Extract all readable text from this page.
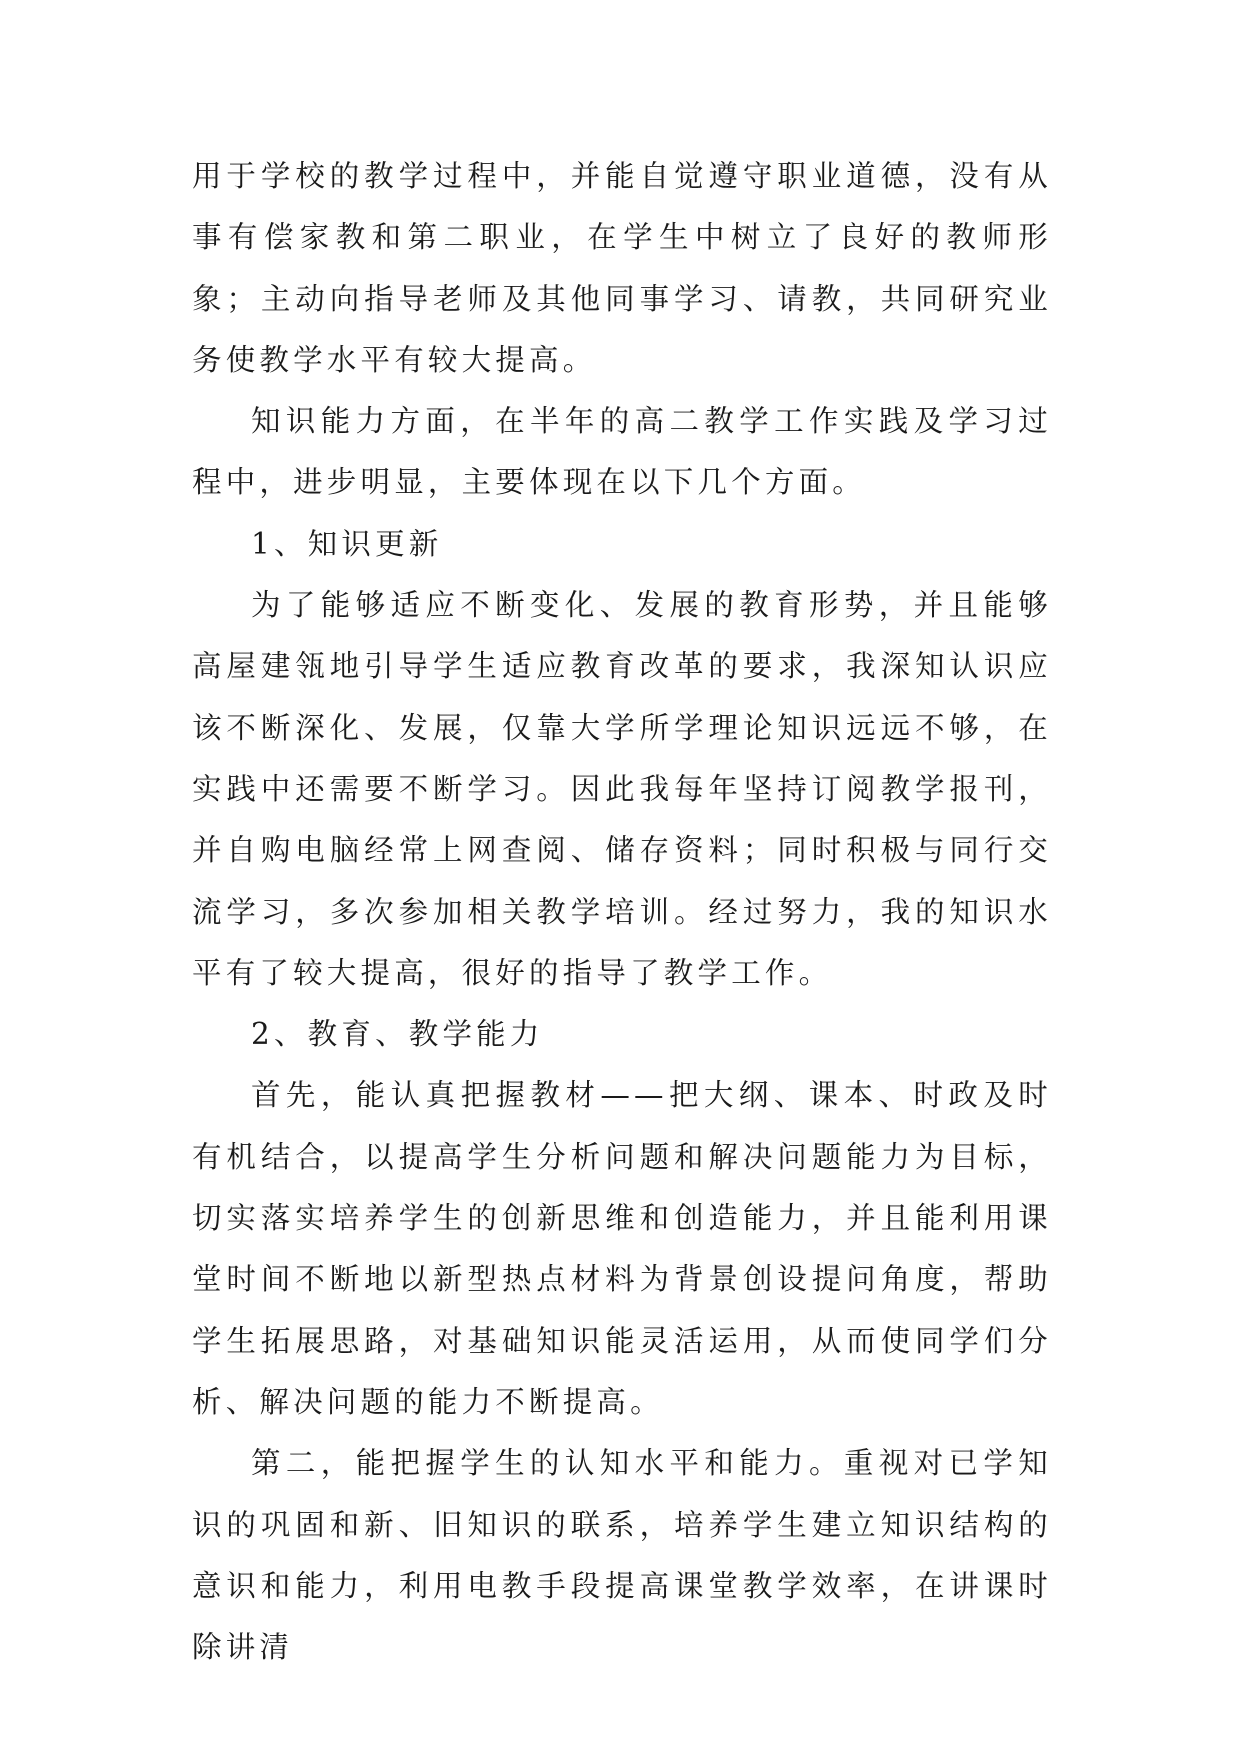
用于学校的教学过程中，并能自觉遵守职业道德，没有从事有偿家教和第二职业，在学生中树立了良好的教师形象；主动向指导老师及其他同事学习、请教，共同研究业务使教学水平有较大提高。

知识能力方面，在半年的高二教学工作实践及学习过程中，进步明显，主要体现在以下几个方面。

1、知识更新

为了能够适应不断变化、发展的教育形势，并且能够高屋建瓴地引导学生适应教育改革的要求，我深知认识应该不断深化、发展，仅靠大学所学理论知识远远不够，在实践中还需要不断学习。因此我每年坚持订阅教学报刊，并自购电脑经常上网查阅、储存资料；同时积极与同行交流学习，多次参加相关教学培训。经过努力，我的知识水平有了较大提高，很好的指导了教学工作。

2、教育、教学能力

首先，能认真把握教材——把大纲、课本、时政及时有机结合，以提高学生分析问题和解决问题能力为目标，切实落实培养学生的创新思维和创造能力，并且能利用课堂时间不断地以新型热点材料为背景创设提问角度，帮助学生拓展思路，对基础知识能灵活运用，从而使同学们分析、解决问题的能力不断提高。

第二，能把握学生的认知水平和能力。重视对已学知识的巩固和新、旧知识的联系，培养学生建立知识结构的意识和能力，利用电教手段提高课堂教学效率，在讲课时除讲清
